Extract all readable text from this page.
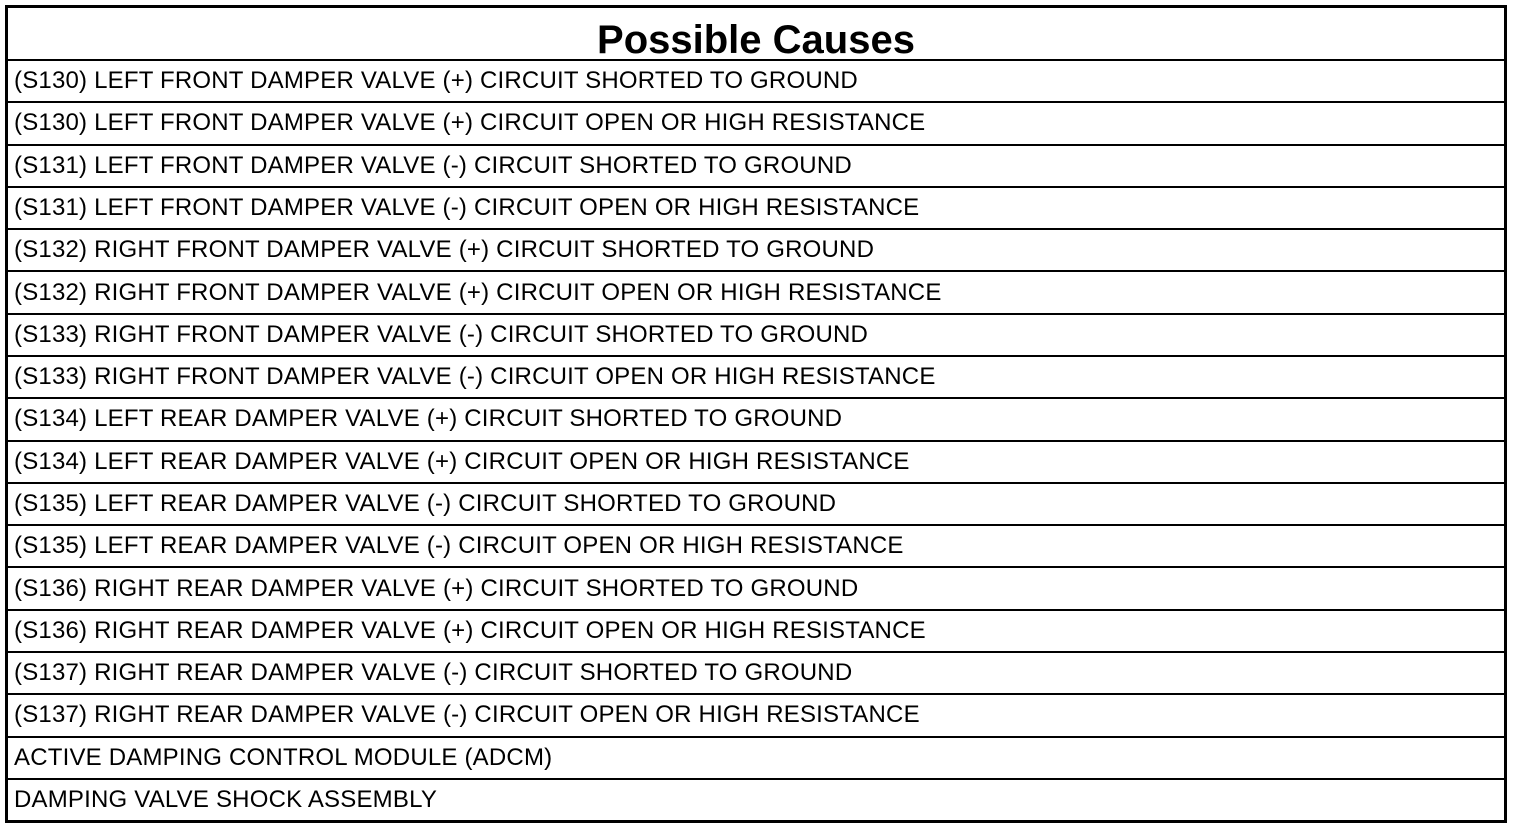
Possible Causes
(S130) LEFT FRONT DAMPER VALVE (+) CIRCUIT SHORTED TO GROUND
(S130) LEFT FRONT DAMPER VALVE (+) CIRCUIT OPEN OR HIGH RESISTANCE
(S131) LEFT FRONT DAMPER VALVE (-) CIRCUIT SHORTED TO GROUND
(S131) LEFT FRONT DAMPER VALVE (-) CIRCUIT OPEN OR HIGH RESISTANCE
(S132) RIGHT FRONT DAMPER VALVE (+) CIRCUIT SHORTED TO GROUND
(S132) RIGHT FRONT DAMPER VALVE (+) CIRCUIT OPEN OR HIGH RESISTANCE
(S133) RIGHT FRONT DAMPER VALVE (-) CIRCUIT SHORTED TO GROUND
(S133) RIGHT FRONT DAMPER VALVE (-) CIRCUIT OPEN OR HIGH RESISTANCE
(S134) LEFT REAR DAMPER VALVE (+) CIRCUIT SHORTED TO GROUND
(S134) LEFT REAR DAMPER VALVE (+) CIRCUIT OPEN OR HIGH RESISTANCE
(S135) LEFT REAR DAMPER VALVE (-) CIRCUIT SHORTED TO GROUND
(S135) LEFT REAR DAMPER VALVE (-) CIRCUIT OPEN OR HIGH RESISTANCE
(S136) RIGHT REAR DAMPER VALVE (+) CIRCUIT SHORTED TO GROUND
(S136) RIGHT REAR DAMPER VALVE (+) CIRCUIT OPEN OR HIGH RESISTANCE
(S137) RIGHT REAR DAMPER VALVE (-) CIRCUIT SHORTED TO GROUND
(S137) RIGHT REAR DAMPER VALVE (-) CIRCUIT OPEN OR HIGH RESISTANCE
ACTIVE DAMPING CONTROL MODULE (ADCM)
DAMPING VALVE SHOCK ASSEMBLY
